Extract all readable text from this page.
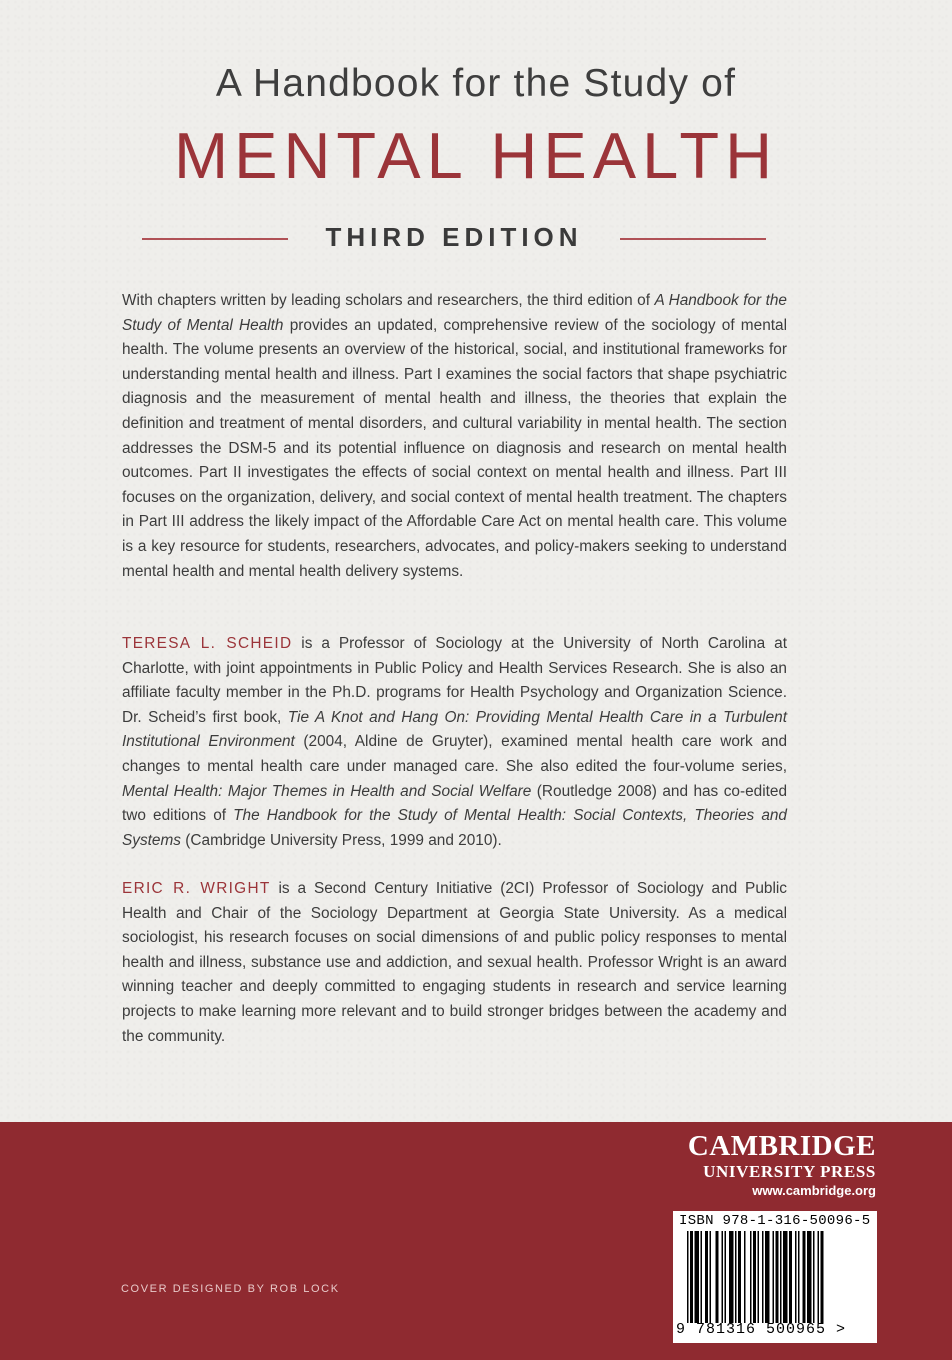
A Handbook for the Study of
MENTAL HEALTH
THIRD EDITION

With chapters written by leading scholars and researchers, the third edition of A Handbook for the Study of Mental Health provides an updated, comprehensive review of the sociology of mental health. The volume presents an overview of the historical, social, and institutional frameworks for understanding mental health and illness. Part I examines the social factors that shape psychiatric diagnosis and the measurement of mental health and illness, the theories that explain the definition and treatment of mental disorders, and cultural variability in mental health. The section addresses the DSM-5 and its potential influence on diagnosis and research on mental health outcomes. Part II investigates the effects of social context on mental health and illness. Part III focuses on the organization, delivery, and social context of mental health treatment. The chapters in Part III address the likely impact of the Affordable Care Act on mental health care. This volume is a key resource for students, researchers, advocates, and policy-makers seeking to understand mental health and mental health delivery systems.

TERESA L. SCHEID is a Professor of Sociology at the University of North Carolina at Charlotte, with joint appointments in Public Policy and Health Services Research. She is also an affiliate faculty member in the Ph.D. programs for Health Psychology and Organization Science. Dr. Scheid’s first book, Tie A Knot and Hang On: Providing Mental Health Care in a Turbulent Institutional Environment (2004, Aldine de Gruyter), examined mental health care work and changes to mental health care under managed care. She also edited the four-volume series, Mental Health: Major Themes in Health and Social Welfare (Routledge 2008) and has co-edited two editions of The Handbook for the Study of Mental Health: Social Contexts, Theories and Systems (Cambridge University Press, 1999 and 2010).

ERIC R. WRIGHT is a Second Century Initiative (2CI) Professor of Sociology and Public Health and Chair of the Sociology Department at Georgia State University. As a medical sociologist, his research focuses on social dimensions of and public policy responses to mental health and illness, substance use and addiction, and sexual health. Professor Wright is an award winning teacher and deeply committed to engaging students in research and service learning projects to make learning more relevant and to build stronger bridges between the academy and the community.

COVER DESIGNED BY ROB LOCK
CAMBRIDGE
UNIVERSITY PRESS
www.cambridge.org
ISBN 978-1-316-50096-5
9 781316 500965 >
